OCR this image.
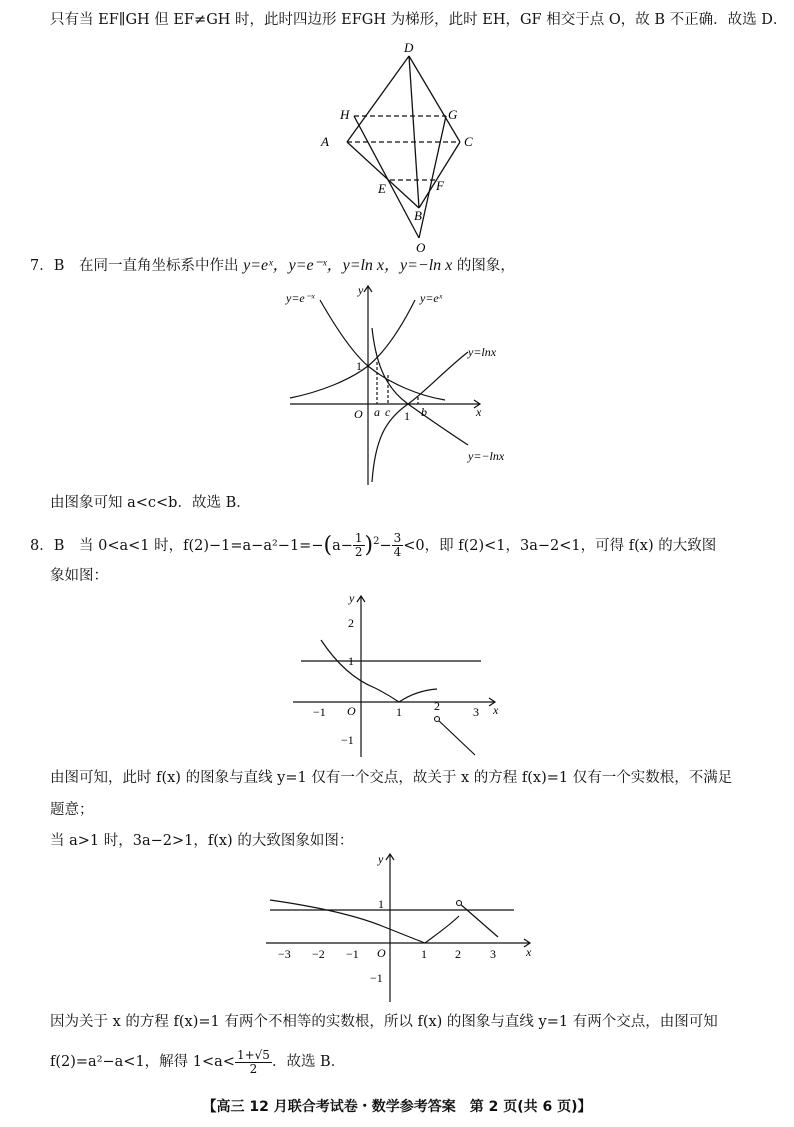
只有当 EF∥GH 但 EF≠GH 时，此时四边形 EFGH 为梯形，此时 EH，GF 相交于点 O，故 B 不正确．故选 D．
D
H	G
A	C
E	F
B
O
7．B 在同一直角坐标系中作出 y=eˣ，y=e⁻ˣ，y=ln x，y=−ln x 的图象，
y=e⁻ˣ	y=eˣ
y=lnx
y=−lnx
y
x
O
1
1
a c	b
由图象可知 a<c<b．故选 B．
8．B 当 0<a<1 时，$f(2)-1=a-a^2-1=-(a- \frac{1}{2} )^2- \frac{3}{4} <0$，即 f(2)<1，3a−2<1，可得 f(x) 的大致图
象如图：
y
x
O
2
1
−1
−1	1	2	3
由图可知，此时 f(x) 的图象与直线 y=1 仅有一个交点，故关于 x 的方程 f(x)=1 仅有一个实数根，不满足
题意；
当 a>1 时，3a−2>1，f(x) 的大致图象如图：
y
x
O
1
−1
−3 −2 −1	1 2 3
因为关于 x 的方程 f(x)=1 有两个不相等的实数根，所以 f(x) 的图象与直线 y=1 有两个交点，由图可知
f(2)=a²−a<1，解得 $1<a< \frac{1+√5}{2}$ ．故选 B．
【高三 12 月联合考试卷・数学参考答案　第 2 页(共 6 页)】
